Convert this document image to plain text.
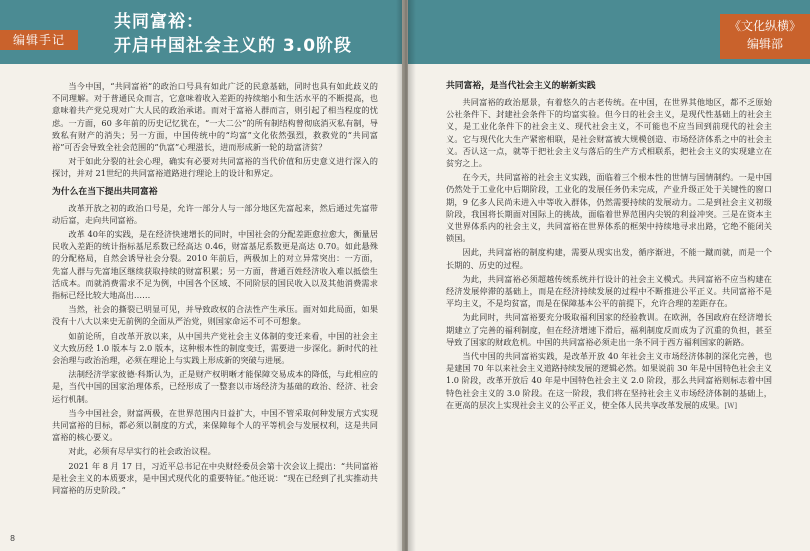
编辑手记
共同富裕：
开启中国社会主义的 3.0阶段

当今中国，“共同富裕”的政治口号具有如此广泛的民意基础，同时也具有如此歧义的不同理解。对于普通民众而言，它意味着收入差距的持续缩小和生活水平的不断提高，也意味着共产党兑现对广大人民的政治承诺。而对于富裕人群而言，则引起了相当程度的忧虑。一方面，60 多年前的历史记忆犹在，“一大二公”的所有制结构曾彻底消灭私有制，导致私有财产的消失；另一方面，中国传统中的“均富”文化依然强烈，救救党的“共同富裕”可否会导致全社会范围的“仇富”心理滋长，进而形成新一轮的劫富济贫？

对于如此分裂的社会心理，确实有必要对共同富裕的当代价值和历史意义进行深入的探讨，并对 21世纪的共同富裕道路进行理论上的设计和界定。

为什么在当下提出共同富裕

改革开放之初的政治口号是，允许一部分人与一部分地区先富起来，然后通过先富带动后富，走向共同富裕。

改革 40年的实践，是在经济快速增长的同时，中国社会的分配差距愈拉愈大，衡量居民收入差距的统计指标基尼系数已经高达 0.46，财富基尼系数更是高达 0.70。如此悬殊的分配格局，自然会诱导社会分裂。2010 年前后，两极加上的对立异常突出：一方面，先富人群与先富地区继续获取持续的财富积累；另一方面，普通百姓经济收入难以抵偿生活成本。而就消费需求不足为例，中国各个区域、不同阶层的国民收入以及其他消费需求指标已经比较大地高出……

当然，社会的撕裂已明显可见，并导致政权的合法性产生承压。面对如此局面，如果没有十八大以来史无前例的全面从严治党，则国家命运不可不可想象。

如前论所，自改革开放以来，从中国共产党社会主义体制的变迁来看，中国的社会主义大致历经 1.0 版本与 2.0 版本，这种根本性的制度变迁，需要进一步深化。新时代的社会治理与政治治理，必须在理论上与实践上形成新的突破与进展。

法制经济学家彼德·科斯认为，正是财产权明晰才能保障交易成本的降低，与此相应的是，当代中国的国家治理体系，已经形成了一整套以市场经济为基础的政治、经济、社会运行机制。

当今中国社会，财富两极，在世界范围内日益扩大，中国不管采取何种发展方式实现共同富裕的目标，都必须以制度的方式，来保障每个人的平等机会与发展权利，这是共同富裕的核心要义。

对此，必须有尽早实行的社会政治议程。

2021 年 8 月 17 日，习近平总书记在中央财经委员会第十次会议上提出：“共同富裕是社会主义的本质要求，是中国式现代化的重要特征。”他还说：“现在已经到了扎实推动共同富裕的历史阶段。”

8
《文化纵横》
编辑部
共同富裕，是当代社会主义的崭新实践

共同富裕的政治愿景，有着悠久的古老传统。在中国，在世界其他地区，都不乏原始公社条件下、封建社会条件下的均富实验。但今日的社会主义，是现代性基础上的社会主义，是工业化条件下的社会主义、现代社会主义，不可能也不应当回到前现代的社会主义。它与现代化大生产紧密相联，是社会财富被大规模创造、市场经济体系之中的社会主义。否认这一点，就等于把社会主义与落后的生产方式相联系，把社会主义的实现建立在贫穷之上。

在今天，共同富裕的社会主义实践，面临着三个根本性的世情与国情制约。一是中国仍然处于工业化中后期阶段，工业化的发展任务仍未完成，产业升级正处于关键性的窗口期，9 亿多人民尚未进入中等收入群体，仍然需要持续的发展动力。二是到社会主义初级阶段，我国将长期面对国际上的挑战，面临着世界范围内尖锐的利益冲突。三是在资本主义世界体系内的社会主义，共同富裕在世界体系的框架中持续地寻求出路，它绝不能闭关锁国。

因此，共同富裕的制度构建，需要从现实出发，循序渐进，不能一蹴而就，而是一个长期的、历史的过程。

为此，共同富裕必须超越传统系统并行设计的社会主义模式。共同富裕不应当构建在经济发展停滞的基础上，而是在经济持续发展的过程中不断推进公平正义。共同富裕不是平均主义，不是均贫富，而是在保障基本公平的前提下，允许合理的差距存在。

为此同时，共同富裕要充分吸取福利国家的经验教训。在欧洲，各国政府在经济增长期建立了完善的福利制度，但在经济增速下滑后，福利制度反而成为了沉重的负担，甚至导致了国家的财政危机。中国的共同富裕必须走出一条不同于西方福利国家的新路。

当代中国的共同富裕实践，是改革开放 40 年社会主义市场经济体制的深化完善，也是建国 70 年以来社会主义道路持续发展的逻辑必然。如果说前 30 年是中国特色社会主义 1.0 阶段，改革开放后 40 年是中国特色社会主义 2.0 阶段，那么共同富裕则标志着中国特色社会主义的 3.0 阶段。在这一阶段，我们将在坚持社会主义市场经济体制的基础上，在更高的层次上实现社会主义的公平正义，使全体人民共享改革发展的成果。[W]
